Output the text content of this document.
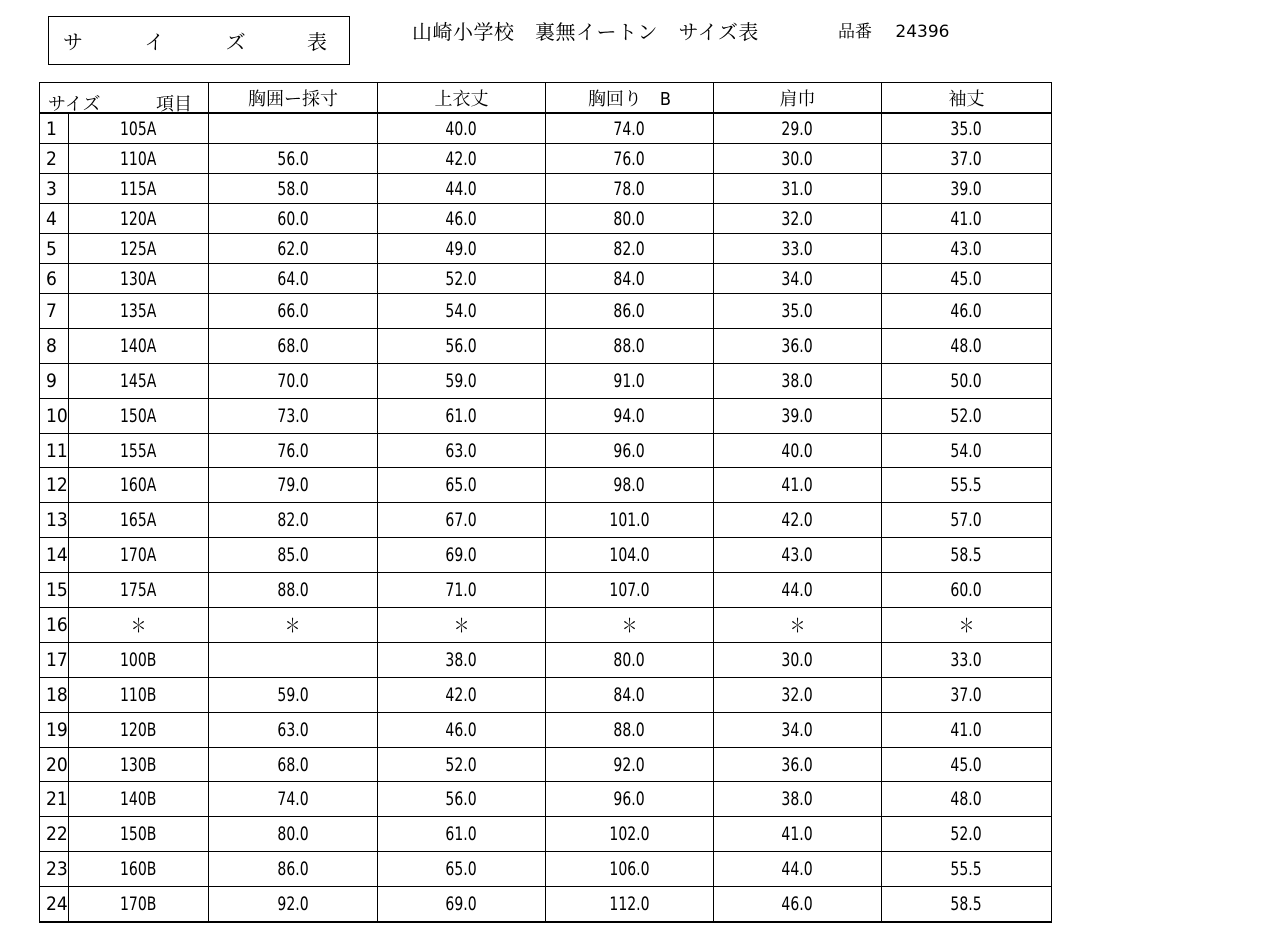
サ	イ	ズ	表	山崎小学校　裏無イートン　サイズ表	品番 24396
サイズ 項目		胸囲ー採寸	上衣丈	胸回り　B	肩巾	袖丈
1	105A		40.0	74.0	29.0	35.0
2	110A	56.0	42.0	76.0	30.0	37.0
3	115A	58.0	44.0	78.0	31.0	39.0
4	120A	60.0	46.0	80.0	32.0	41.0
5	125A	62.0	49.0	82.0	33.0	43.0
6	130A	64.0	52.0	84.0	34.0	45.0
7	135A	66.0	54.0	86.0	35.0	46.0
8	140A	68.0	56.0	88.0	36.0	48.0
9	145A	70.0	59.0	91.0	38.0	50.0
10	150A	73.0	61.0	94.0	39.0	52.0
11	155A	76.0	63.0	96.0	40.0	54.0
12	160A	79.0	65.0	98.0	41.0	55.5
13	165A	82.0	67.0	101.0	42.0	57.0
14	170A	85.0	69.0	104.0	43.0	58.5
15	175A	88.0	71.0	107.0	44.0	60.0
16	＊	＊	＊	＊	＊	＊
17	100B		38.0	80.0	30.0	33.0
18	110B	59.0	42.0	84.0	32.0	37.0
19	120B	63.0	46.0	88.0	34.0	41.0
20	130B	68.0	52.0	92.0	36.0	45.0
21	140B	74.0	56.0	96.0	38.0	48.0
22	150B	80.0	61.0	102.0	41.0	52.0
23	160B	86.0	65.0	106.0	44.0	55.5
24	170B	92.0	69.0	112.0	46.0	58.5
